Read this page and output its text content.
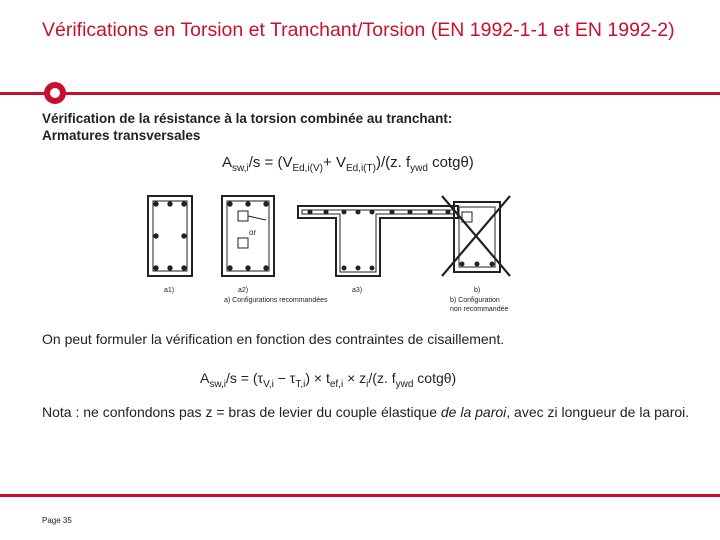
Vérifications en Torsion et Tranchant/Torsion (EN 1992-1-1 et EN 1992-2)
Vérification de la résistance à la torsion combinée au tranchant:
Armatures transversales
$A_{sw,i}/s = (V_{Ed,i(V)}+ V_{Ed,i(T)})/(z$. $f_{ywd}$ cotgθ)
or
a1)	a2)	a3)	b)
a) Configurations recommandées	b) Configuration
non recommandée
On peut formuler la vérification en fonction des contraintes de cisaillement.
$A_{sw,i}/s = (\tau_{V,i} - \tau_{T,i}) \times t_{ef,i} \times z_i/(z$. $f_{ywd}$ cotgθ)
Nota : ne confondons pas z = bras de levier du couple élastique de la paroi, avec zi longueur de la paroi.
Page 35
